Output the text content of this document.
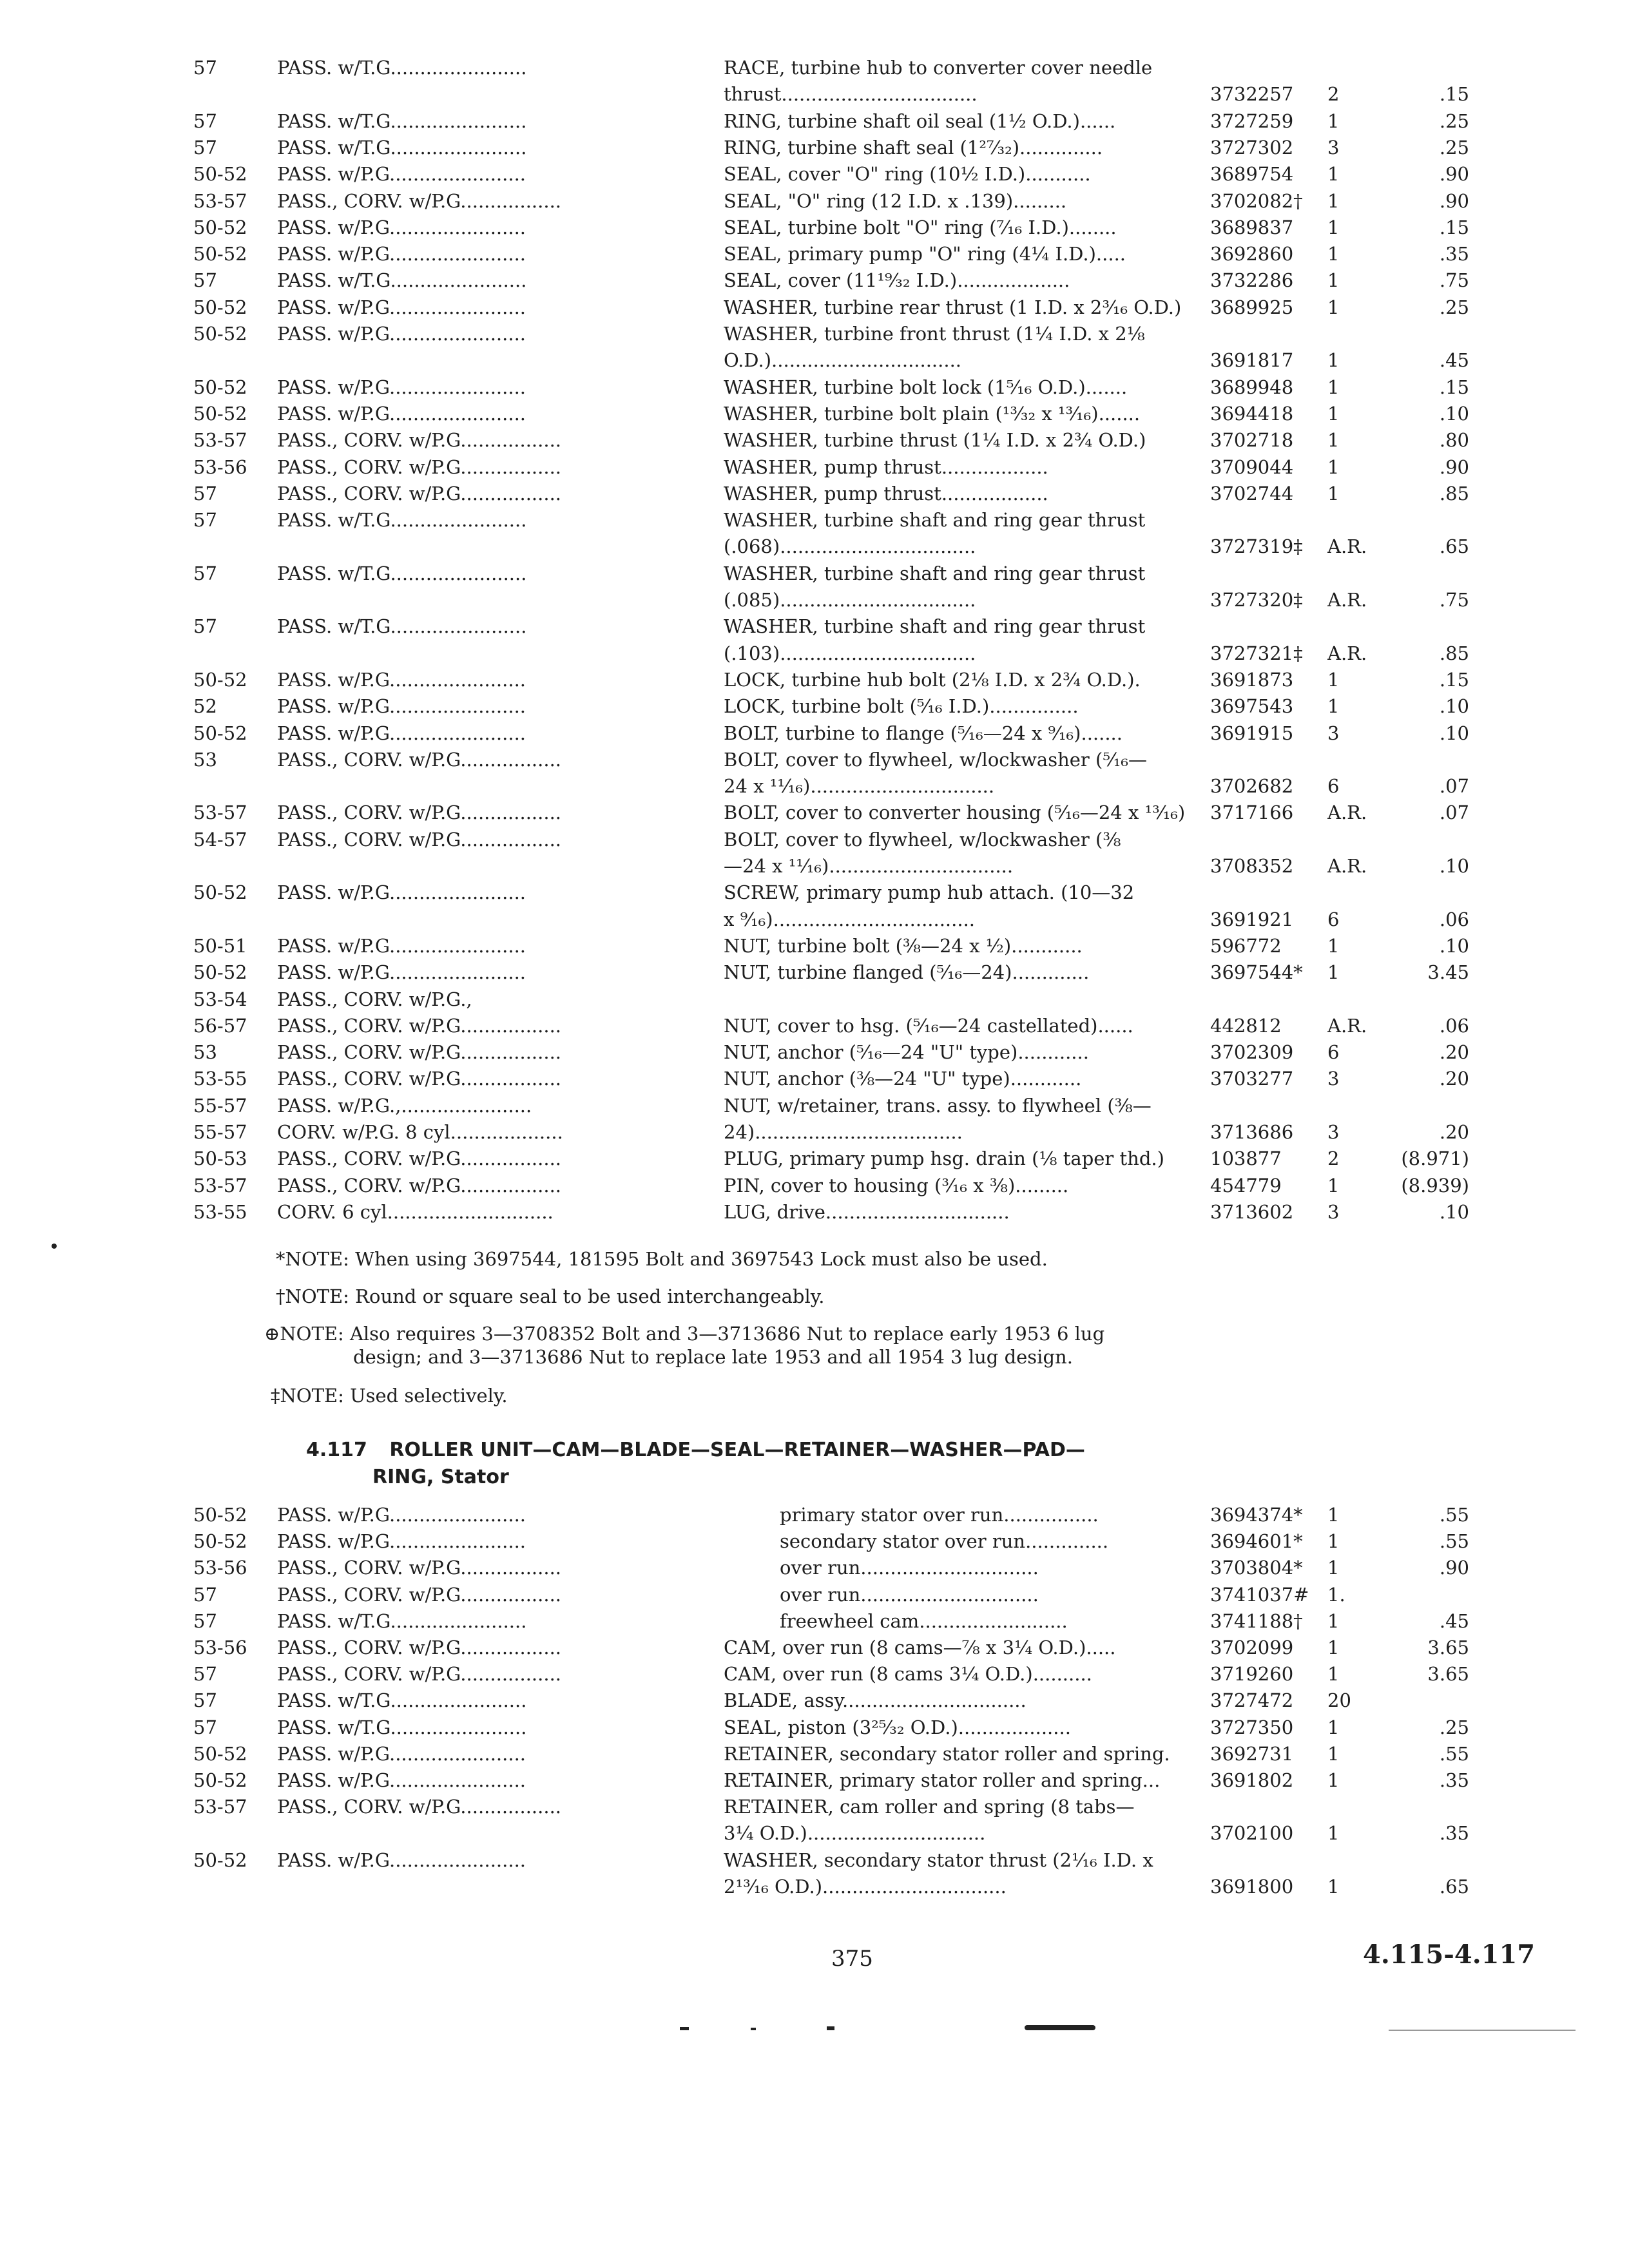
57	PASS. w/T.G.......................	RACE, turbine hub to converter cover needle
thrust.................................	3732257	2	.15
57	PASS. w/T.G.......................	RING, turbine shaft oil seal (1½ O.D.)......	3727259	1	.25
57	PASS. w/T.G.......................	RING, turbine shaft seal (1²⁷⁄₃₂)..............	3727302	3	.25
50-52	PASS. w/P.G.......................	SEAL, cover "O" ring (10½ I.D.)...........	3689754	1	.90
53-57	PASS., CORV. w/P.G.................	SEAL, "O" ring (12 I.D. x .139).........	3702082†	1	.90
50-52	PASS. w/P.G.......................	SEAL, turbine bolt "O" ring (⁷⁄₁₆ I.D.)........	3689837	1	.15
50-52	PASS. w/P.G.......................	SEAL, primary pump "O" ring (4¼ I.D.).....	3692860	1	.35
57	PASS. w/T.G.......................	SEAL, cover (11¹⁹⁄₃₂ I.D.)...................	3732286	1	.75
50-52	PASS. w/P.G.......................	WASHER, turbine rear thrust (1 I.D. x 2³⁄₁₆ O.D.)	3689925	1	.25
50-52	PASS. w/P.G.......................	WASHER, turbine front thrust (1¼ I.D. x 2⅛
O.D.)................................	3691817	1	.45
50-52	PASS. w/P.G.......................	WASHER, turbine bolt lock (1⁵⁄₁₆ O.D.).......	3689948	1	.15
50-52	PASS. w/P.G.......................	WASHER, turbine bolt plain (¹³⁄₃₂ x ¹³⁄₁₆).......	3694418	1	.10
53-57	PASS., CORV. w/P.G.................	WASHER, turbine thrust (1¼ I.D. x 2¾ O.D.)	3702718	1	.80
53-56	PASS., CORV. w/P.G.................	WASHER, pump thrust..................	3709044	1	.90
57	PASS., CORV. w/P.G.................	WASHER, pump thrust..................	3702744	1	.85
57	PASS. w/T.G.......................	WASHER, turbine shaft and ring gear thrust
(.068).................................	3727319‡	A.R.	.65
57	PASS. w/T.G.......................	WASHER, turbine shaft and ring gear thrust
(.085).................................	3727320‡	A.R.	.75
57	PASS. w/T.G.......................	WASHER, turbine shaft and ring gear thrust
(.103).................................	3727321‡	A.R.	.85
50-52	PASS. w/P.G.......................	LOCK, turbine hub bolt (2⅛ I.D. x 2¾ O.D.).	3691873	1	.15
52	PASS. w/P.G.......................	LOCK, turbine bolt (⁵⁄₁₆ I.D.)...............	3697543	1	.10
50-52	PASS. w/P.G.......................	BOLT, turbine to flange (⁵⁄₁₆—24 x ⁹⁄₁₆).......	3691915	3	.10
53	PASS., CORV. w/P.G.................	BOLT, cover to flywheel, w/lockwasher (⁵⁄₁₆—
24 x ¹¹⁄₁₆)...............................	3702682	6	.07
53-57	PASS., CORV. w/P.G.................	BOLT, cover to converter housing (⁵⁄₁₆—24 x ¹³⁄₁₆)	3717166	A.R.	.07
54-57	PASS., CORV. w/P.G.................	BOLT, cover to flywheel, w/lockwasher (⅜
—24 x ¹¹⁄₁₆)...............................	3708352	A.R.	.10
50-52	PASS. w/P.G.......................	SCREW, primary pump hub attach. (10—32
x ⁹⁄₁₆)..................................	3691921	6	.06
50-51	PASS. w/P.G.......................	NUT, turbine bolt (⅜—24 x ½)............	596772	1	.10
50-52	PASS. w/P.G.......................	NUT, turbine flanged (⁵⁄₁₆—24).............	3697544*	1	3.45
53-54	PASS., CORV. w/P.G.,
56-57	PASS., CORV. w/P.G.................	NUT, cover to hsg. (⁵⁄₁₆—24 castellated)......	442812	A.R.	.06
53	PASS., CORV. w/P.G.................	NUT, anchor (⁵⁄₁₆—24 "U" type)............	3702309	6	.20
53-55	PASS., CORV. w/P.G.................	NUT, anchor (⅜—24 "U" type)............	3703277	3	.20
55-57	PASS. w/P.G.,......................	NUT, w/retainer, trans. assy. to flywheel (⅜—
55-57	CORV. w/P.G. 8 cyl...................	24)...................................	3713686	3	.20
50-53	PASS., CORV. w/P.G.................	PLUG, primary pump hsg. drain (⅛ taper thd.)	103877	2	(8.971)
53-57	PASS., CORV. w/P.G.................	PIN, cover to housing (³⁄₁₆ x ⅜).........	454779	1	(8.939)
53-55	CORV. 6 cyl............................	LUG, drive...............................	3713602	3	.10
*NOTE: When using 3697544, 181595 Bolt and 3697543 Lock must also be used.
†NOTE: Round or square seal to be used interchangeably.
⊕NOTE: Also requires 3—3708352 Bolt and 3—3713686 Nut to replace early 1953 6 lug
design; and 3—3713686 Nut to replace late 1953 and all 1954 3 lug design.
‡NOTE: Used selectively.
4.117 ROLLER UNIT—CAM—BLADE—SEAL—RETAINER—WASHER—PAD—
RING, Stator
50-52	PASS. w/P.G.......................	primary stator over run................	3694374*	1	.55
50-52	PASS. w/P.G.......................	secondary stator over run..............	3694601*	1	.55
53-56	PASS., CORV. w/P.G.................	over run..............................	3703804*	1	.90
57	PASS., CORV. w/P.G.................	over run..............................	3741037# 1.
57	PASS. w/T.G.......................	freewheel cam.........................	3741188†	1	.45
53-56	PASS., CORV. w/P.G.................	CAM, over run (8 cams—⅞ x 3¼ O.D.).....	3702099	1	3.65
57	PASS., CORV. w/P.G.................	CAM, over run (8 cams 3¼ O.D.)..........	3719260	1	3.65
57	PASS. w/T.G.......................	BLADE, assy...............................	3727472	20
57	PASS. w/T.G.......................	SEAL, piston (3²⁵⁄₃₂ O.D.)...................	3727350	1	.25
50-52	PASS. w/P.G.......................	RETAINER, secondary stator roller and spring.	3692731	1	.55
50-52	PASS. w/P.G.......................	RETAINER, primary stator roller and spring...	3691802	1	.35
53-57	PASS., CORV. w/P.G.................	RETAINER, cam roller and spring (8 tabs—
3¼ O.D.)..............................	3702100	1	.35
50-52	PASS. w/P.G.......................	WASHER, secondary stator thrust (2¹⁄₁₆ I.D. x
2¹³⁄₁₆ O.D.)...............................	3691800	1	.65
375	4.115-4.117
